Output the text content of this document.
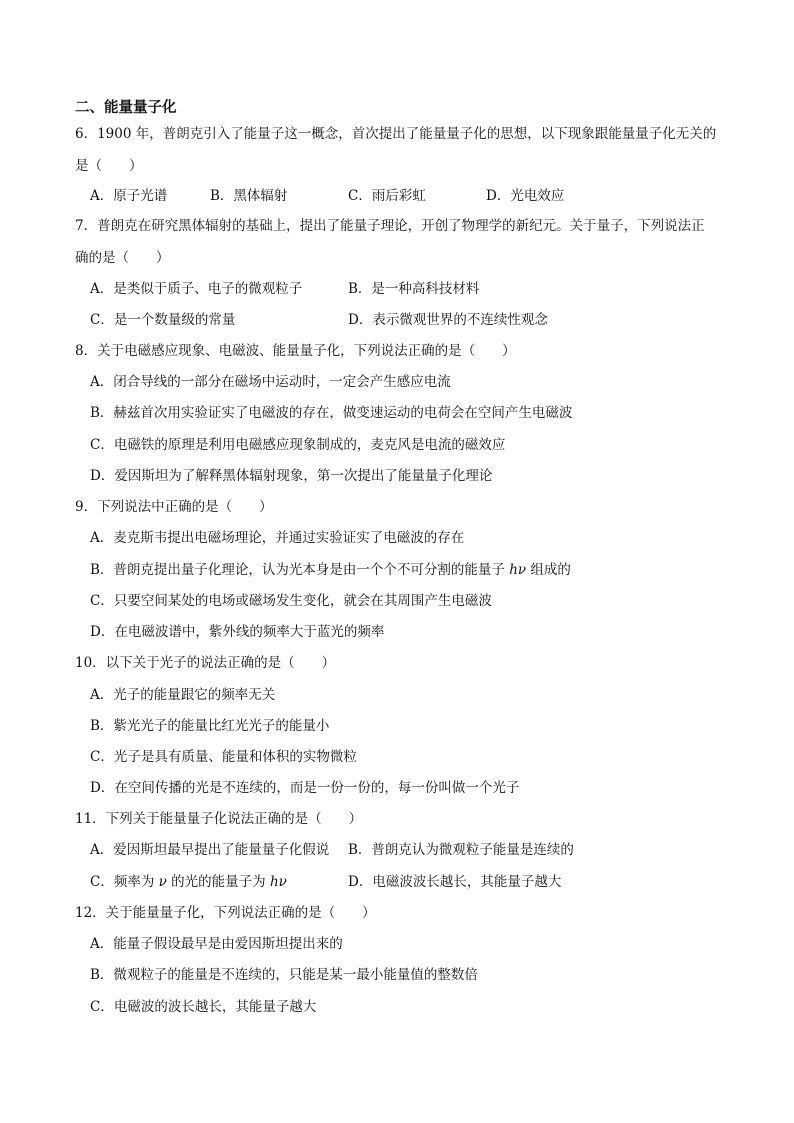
二、能量量子化
6．1900 年，普朗克引入了能量子这一概念，首次提出了能量量子化的思想，以下现象跟能量量子化无关的
是（　　）
A．原子光谱	B．黑体辐射	C．雨后彩虹	D．光电效应
7．普朗克在研究黑体辐射的基础上，提出了能量子理论，开创了物理学的新纪元。关于量子，下列说法正
确的是（　　）
A．是类似于质子、电子的微观粒子	B．是一种高科技材料
C．是一个数量级的常量	D．表示微观世界的不连续性观念
8．关于电磁感应现象、电磁波、能量量子化，下列说法正确的是（　　）
A．闭合导线的一部分在磁场中运动时，一定会产生感应电流
B．赫兹首次用实验证实了电磁波的存在，做变速运动的电荷会在空间产生电磁波
C．电磁铁的原理是利用电磁感应现象制成的，麦克风是电流的磁效应
D．爱因斯坦为了解释黑体辐射现象，第一次提出了能量量子化理论
9．下列说法中正确的是（　　）
A．麦克斯韦提出电磁场理论，并通过实验证实了电磁波的存在
B．普朗克提出量子化理论，认为光本身是由一个个不可分割的能量子 hν 组成的
C．只要空间某处的电场或磁场发生变化，就会在其周围产生电磁波
D．在电磁波谱中，紫外线的频率大于蓝光的频率
10．以下关于光子的说法正确的是（　　）
A．光子的能量跟它的频率无关
B．紫光光子的能量比红光光子的能量小
C．光子是具有质量、能量和体积的实物微粒
D．在空间传播的光是不连续的，而是一份一份的，每一份叫做一个光子
11．下列关于能量量子化说法正确的是（　　）
A．爱因斯坦最早提出了能量量子化假说	B．普朗克认为微观粒子能量是连续的
C．频率为 ν 的光的能量子为 hν	D．电磁波波长越长，其能量子越大
12．关于能量量子化，下列说法正确的是（　　）
A．能量子假设最早是由爱因斯坦提出来的
B．微观粒子的能量是不连续的，只能是某一最小能量值的整数倍
C．电磁波的波长越长，其能量子越大
